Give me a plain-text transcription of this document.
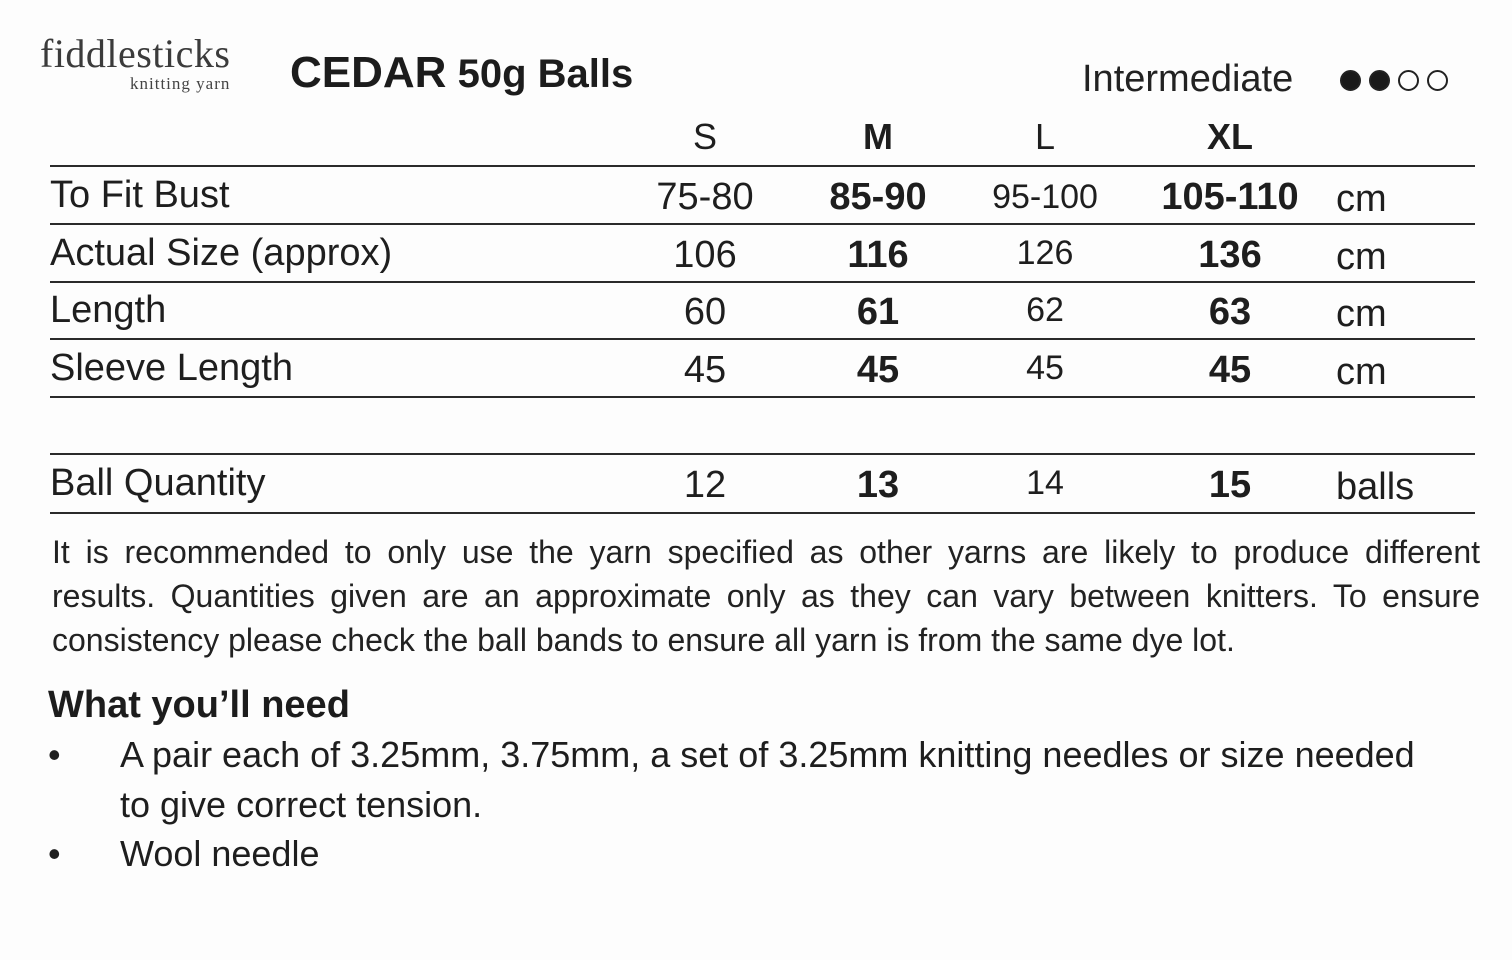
fiddlesticks
knitting yarn CEDAR 50g Balls	Intermediate
S	M	L	XL
To Fit Bust	75-80	85-90	95-100	105-110 cm
Actual Size (approx)	106	116	126	136	cm
Length	60	61	62	63	cm
Sleeve Length	45	45	45	45	cm
Ball Quantity	12	13	14	15	balls
It is recommended to only use the yarn specified as other yarns are likely to produce different results. Quantities given are an approximate only as they can vary between knitters. To ensure consistency please check the ball bands to ensure all yarn is from the same dye lot.
What you’ll need
• A pair each of 3.25mm, 3.75mm, a set of 3.25mm knitting needles or size needed to give correct tension.
• Wool needle
